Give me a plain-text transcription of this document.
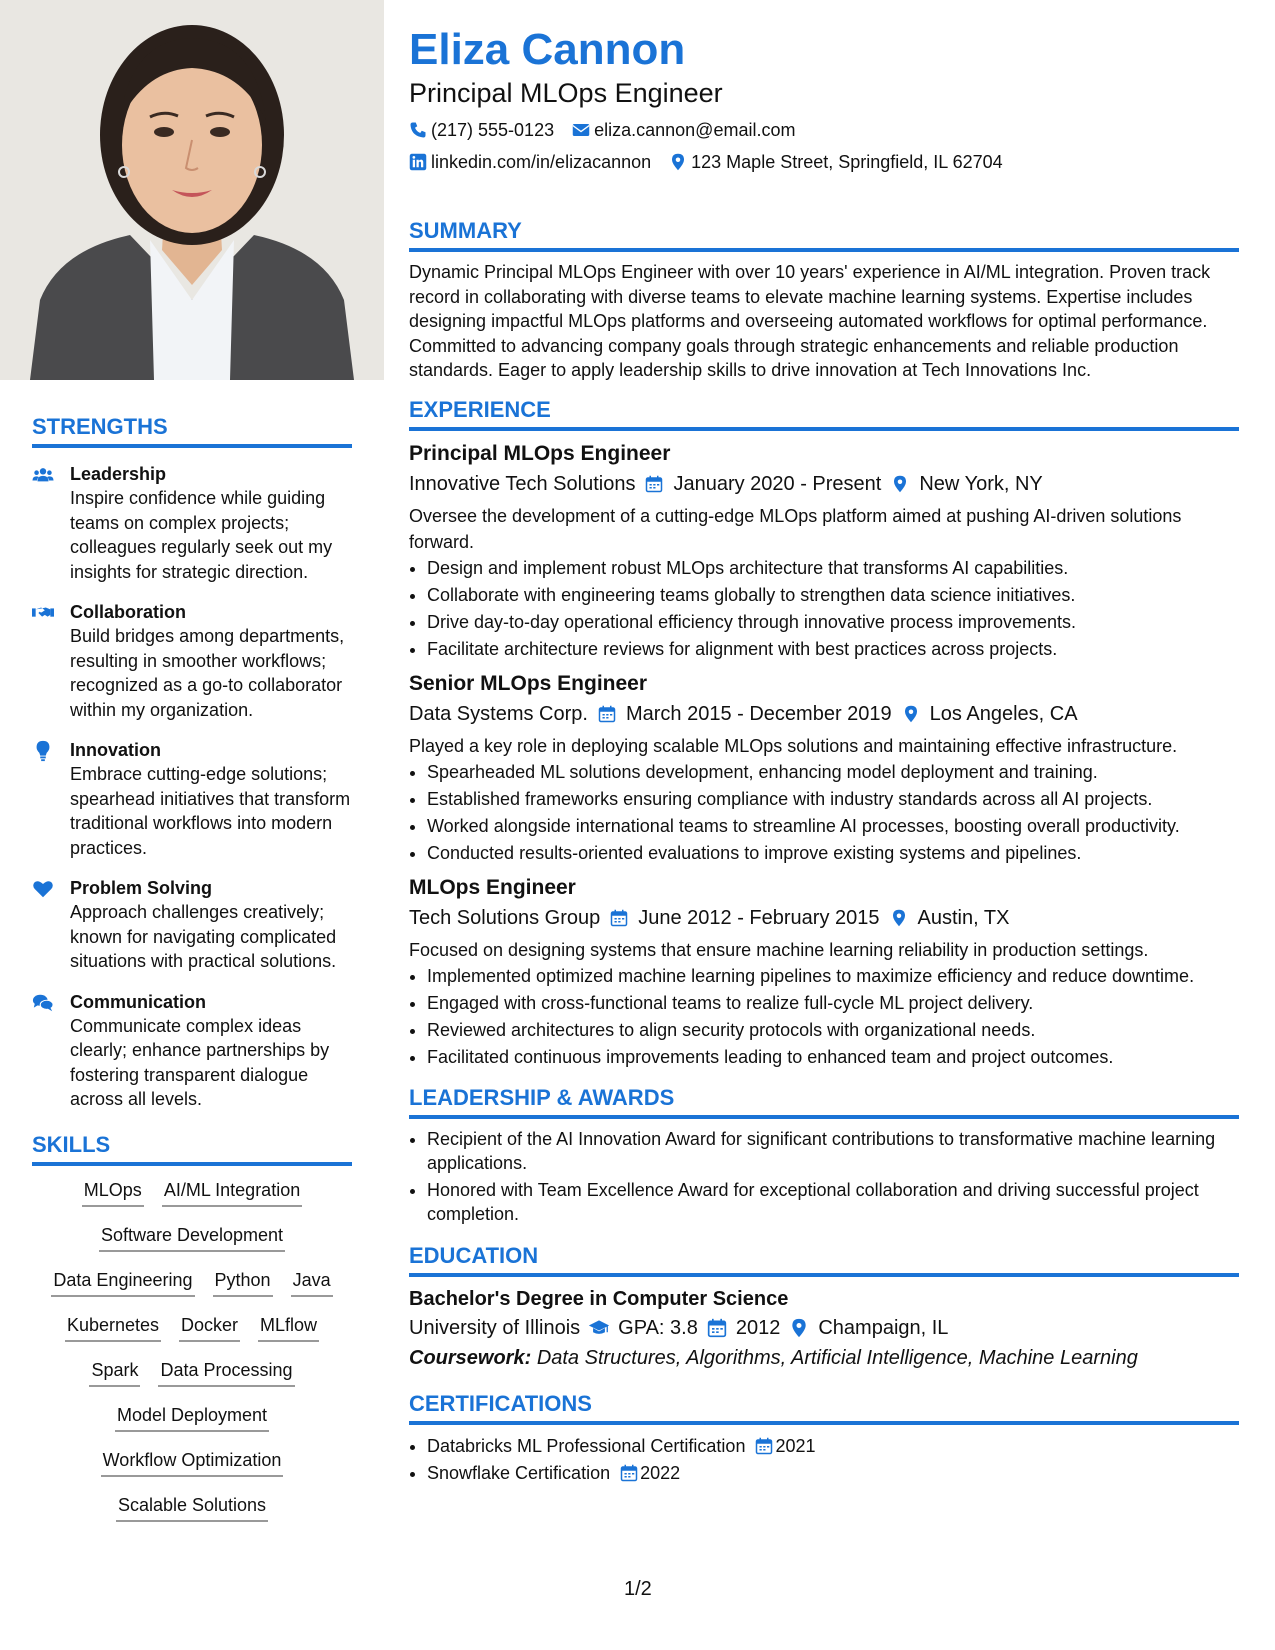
STRENGTHS
Leadership
Inspire confidence while guiding teams on complex projects; colleagues regularly seek out my insights for strategic direction.
Collaboration
Build bridges among departments, resulting in smoother workflows; recognized as a go-to collaborator within my organization.
Innovation
Embrace cutting-edge solutions; spearhead initiatives that transform traditional workflows into modern practices.
Problem Solving
Approach challenges creatively; known for navigating complicated situations with practical solutions.
Communication
Communicate complex ideas clearly; enhance partnerships by fostering transparent dialogue across all levels.
SKILLS
MLOps AI/ML Integration
Software Development
Data Engineering Python Java
Kubernetes Docker MLflow
Spark Data Processing
Model Deployment
Workflow Optimization
Scalable Solutions
Eliza Cannon
Principal MLOps Engineer
(217) 555-0123 eliza.cannon@email.com
linkedin.com/in/elizacannon 123 Maple Street, Springfield, IL 62704
SUMMARY

Dynamic Principal MLOps Engineer with over 10 years' experience in AI/ML integration. Proven track record in collaborating with diverse teams to elevate machine learning systems. Expertise includes designing impactful MLOps platforms and overseeing automated workflows for optimal performance. Committed to advancing company goals through strategic enhancements and reliable production standards. Eager to apply leadership skills to drive innovation at Tech Innovations Inc.

EXPERIENCE
Principal MLOps Engineer
Innovative Tech Solutions January 2020 - Present New York, NY
Oversee the development of a cutting-edge MLOps platform aimed at pushing AI-driven solutions forward.
• Design and implement robust MLOps architecture that transforms AI capabilities.
• Collaborate with engineering teams globally to strengthen data science initiatives.
• Drive day-to-day operational efficiency through innovative process improvements.
• Facilitate architecture reviews for alignment with best practices across projects.
Senior MLOps Engineer
Data Systems Corp. March 2015 - December 2019 Los Angeles, CA
Played a key role in deploying scalable MLOps solutions and maintaining effective infrastructure.
• Spearheaded ML solutions development, enhancing model deployment and training.
• Established frameworks ensuring compliance with industry standards across all AI projects.
• Worked alongside international teams to streamline AI processes, boosting overall productivity.
• Conducted results-oriented evaluations to improve existing systems and pipelines.
MLOps Engineer
Tech Solutions Group June 2012 - February 2015 Austin, TX
Focused on designing systems that ensure machine learning reliability in production settings.
• Implemented optimized machine learning pipelines to maximize efficiency and reduce downtime.
• Engaged with cross-functional teams to realize full-cycle ML project delivery.
• Reviewed architectures to align security protocols with organizational needs.
• Facilitated continuous improvements leading to enhanced team and project outcomes.
LEADERSHIP & AWARDS
• Recipient of the AI Innovation Award for significant contributions to transformative machine learning applications.
• Honored with Team Excellence Award for exceptional collaboration and driving successful project completion.
EDUCATION
Bachelor's Degree in Computer Science
University of Illinois GPA: 3.8 2012 Champaign, IL
Coursework: Data Structures, Algorithms, Artificial Intelligence, Machine Learning
CERTIFICATIONS
• Databricks ML Professional Certification 2021
• Snowflake Certification 2022
1/2
